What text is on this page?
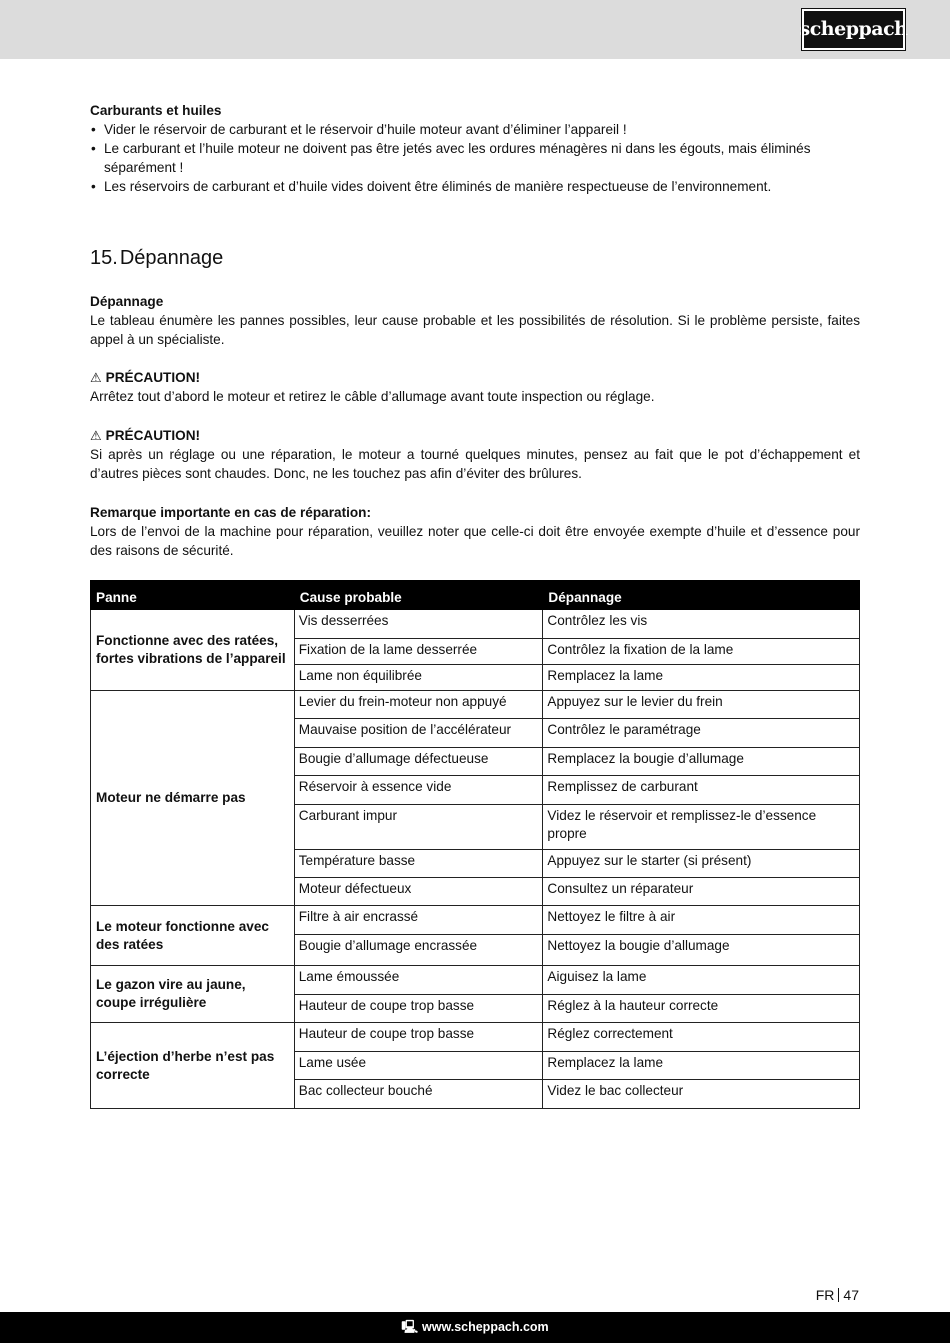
scheppach
Carburants et huiles
• Vider le réservoir de carburant et le réservoir d’huile moteur avant d’éliminer l’appareil !
• Le carburant et l’huile moteur ne doivent pas être jetés avec les ordures ménagères ni dans les égouts, mais éliminés séparément !
• Les réservoirs de carburant et d’huile vides doivent être éliminés de manière respectueuse de l’environnement.
15. Dépannage
Dépannage
Le tableau énumère les pannes possibles, leur cause probable et les possibilités de résolution. Si le problème persiste, faites appel à un spécialiste.
⚠ PRÉCAUTION!
Arrêtez tout d’abord le moteur et retirez le câble d’allumage avant toute inspection ou réglage.
⚠ PRÉCAUTION!
Si après un réglage ou une réparation, le moteur a tourné quelques minutes, pensez au fait que le pot d’échappement et d’autres pièces sont chaudes. Donc, ne les touchez pas afin d’éviter des brûlures.
Remarque importante en cas de réparation:
Lors de l’envoi de la machine pour réparation, veuillez noter que celle-ci doit être envoyée exempte d’huile et d’essence pour des raisons de sécurité.
Panne	Cause probable	Dépannage
Fonctionne avec des ratées, fortes vibrations de l’appareil	Vis desserrées	Contrôlez les vis
	Fixation de la lame desserrée	Contrôlez la fixation de la lame
	Lame non équilibrée	Remplacez la lame
Moteur ne démarre pas	Levier du frein-moteur non appuyé	Appuyez sur le levier du frein
	Mauvaise position de l’accélérateur	Contrôlez le paramétrage
	Bougie d’allumage défectueuse	Remplacez la bougie d’allumage
	Réservoir à essence vide	Remplissez de carburant
	Carburant impur	Videz le réservoir et remplissez-le d’essence propre
	Température basse	Appuyez sur le starter (si présent)
	Moteur défectueux	Consultez un réparateur
Le moteur fonctionne avec des ratées	Filtre à air encrassé	Nettoyez le filtre à air
	Bougie d’allumage encrassée	Nettoyez la bougie d’allumage
Le gazon vire au jaune, coupe irrégulière	Lame émoussée	Aiguisez la lame
	Hauteur de coupe trop basse	Réglez à la hauteur correcte
L’éjection d’herbe n’est pas correcte	Hauteur de coupe trop basse	Réglez correctement
	Lame usée	Remplacez la lame
	Bac collecteur bouché	Videz le bac collecteur
FR 47
🖳 www.scheppach.com
